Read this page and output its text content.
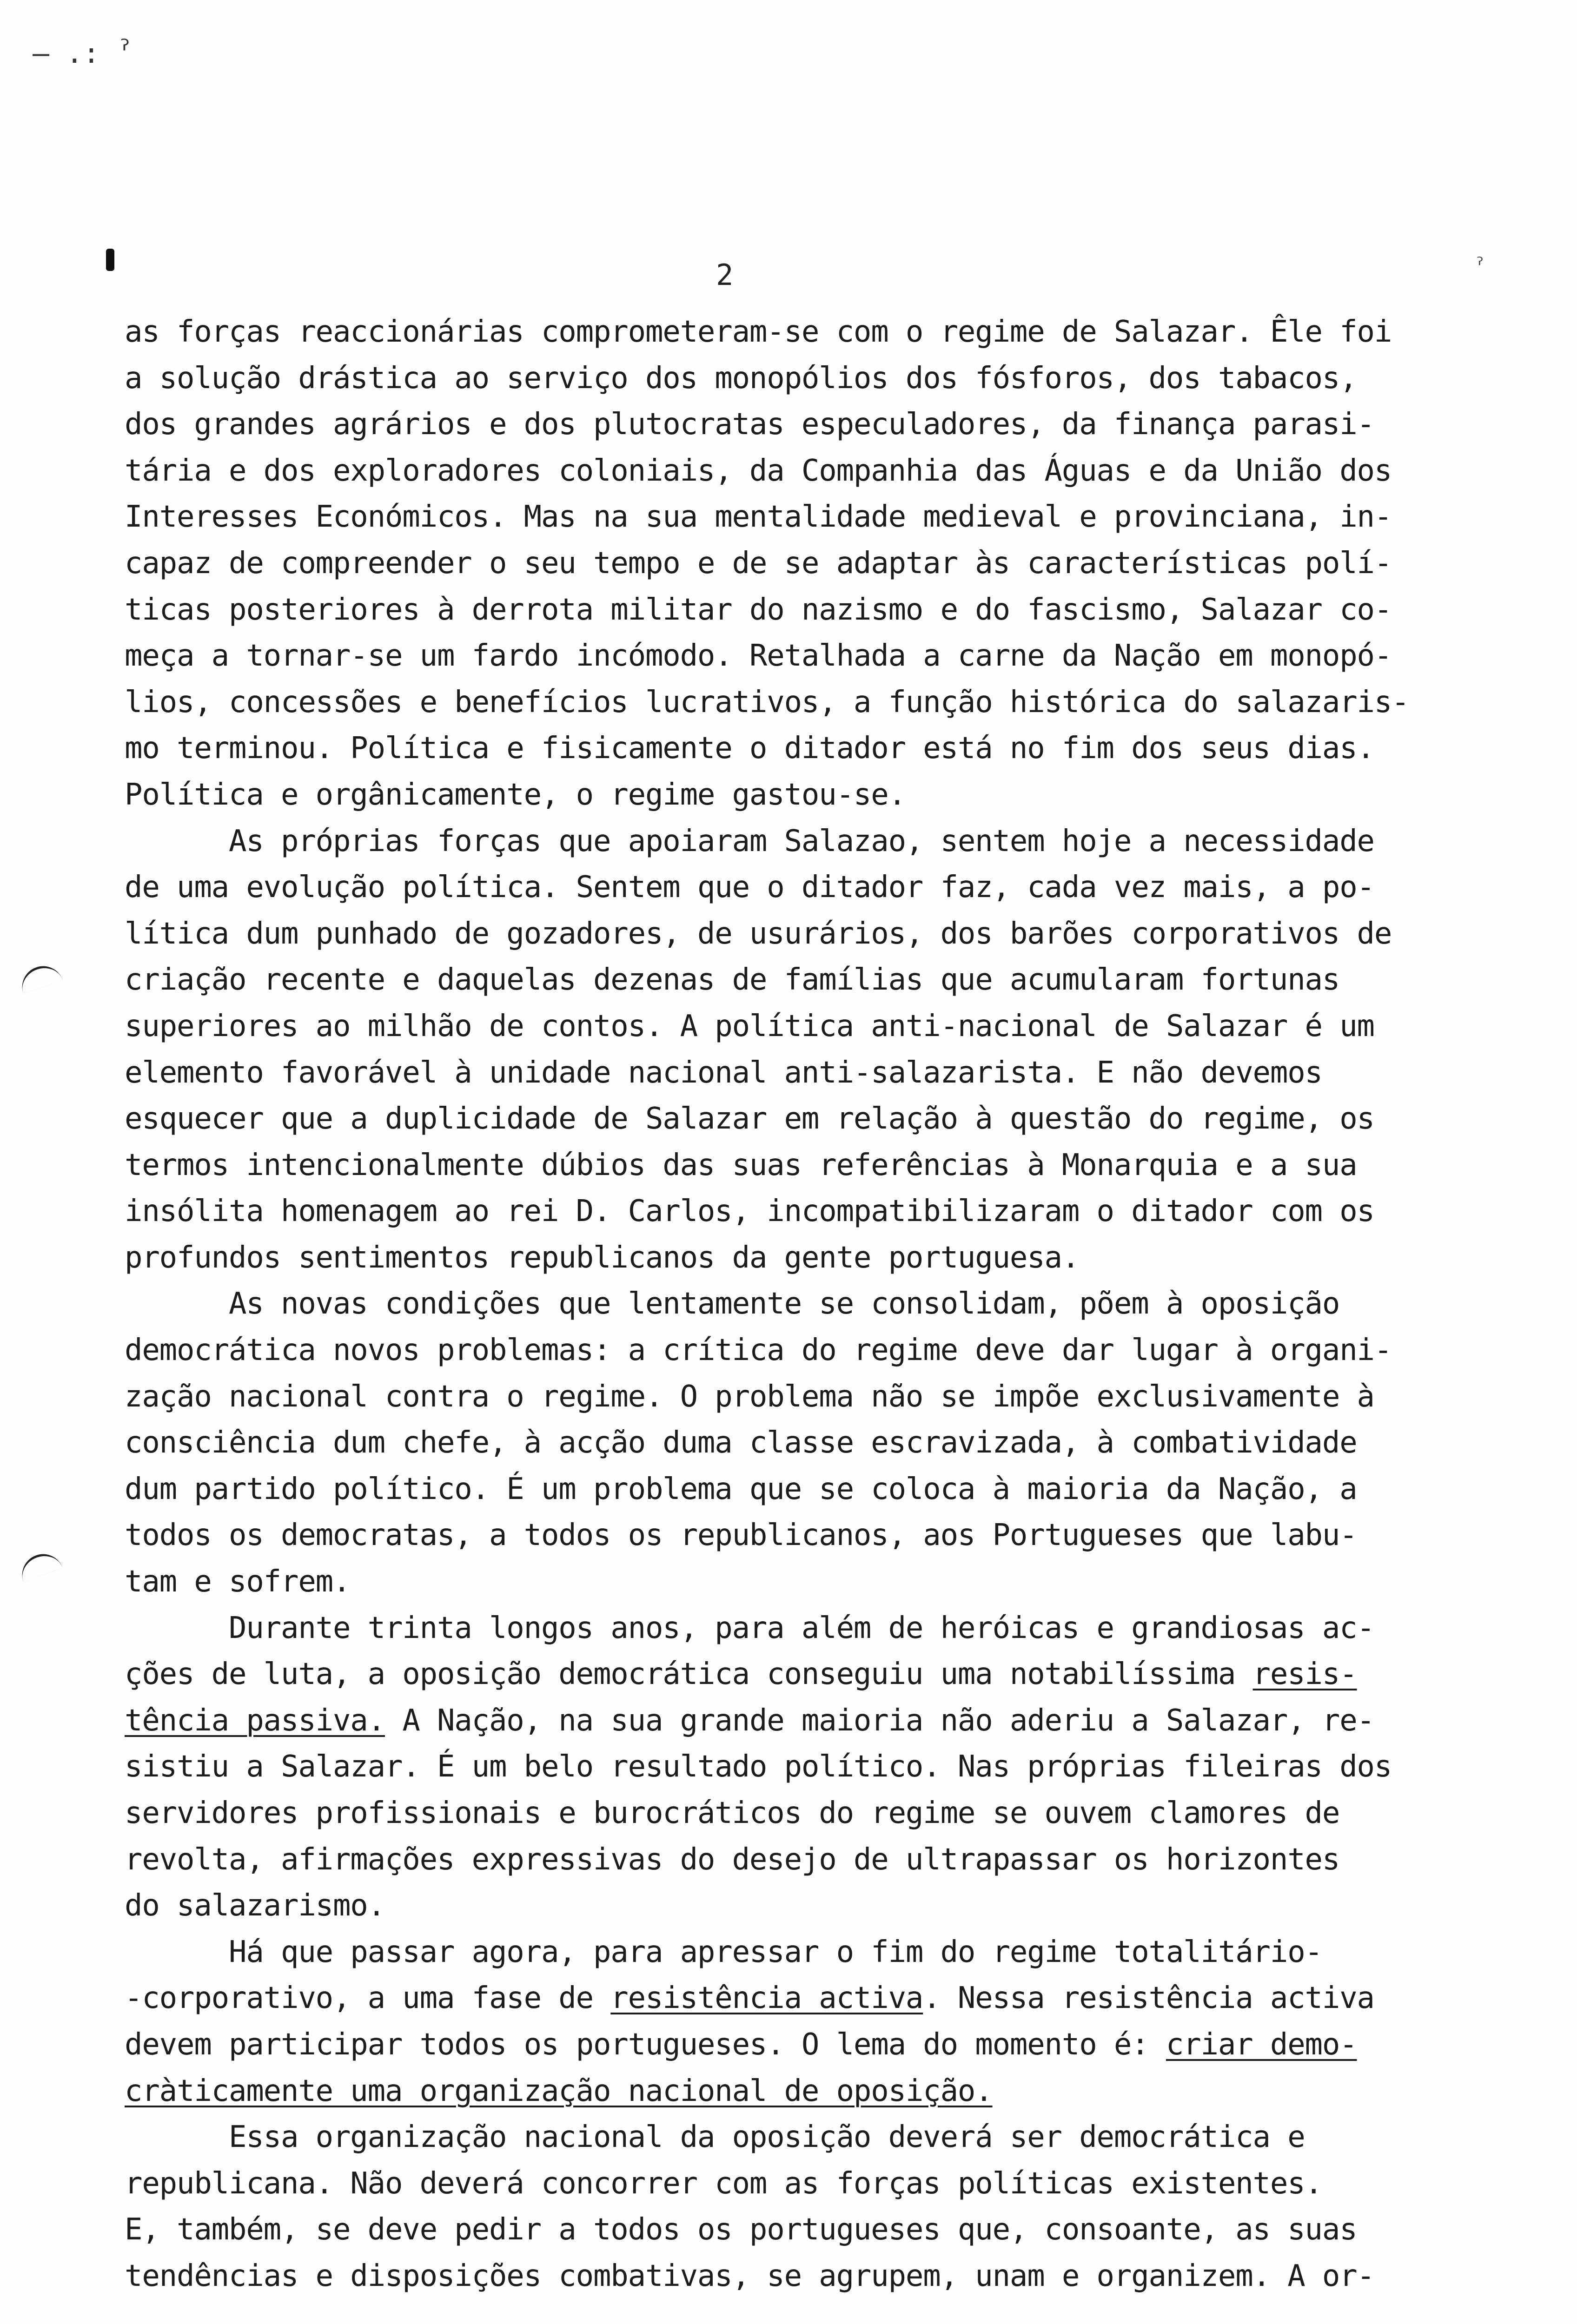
– .: ˀ
2	ˀ
as forças reaccionárias comprometeram-se com o regime de Salazar. Êle foi
a solução drástica ao serviço dos monopólios dos fósforos, dos tabacos,
dos grandes agrários e dos plutocratas especuladores, da finança parasi-
tária e dos exploradores coloniais, da Companhia das Águas e da União dos
Interesses Económicos. Mas na sua mentalidade medieval e provinciana, in-
capaz de compreender o seu tempo e de se adaptar às características polí-
ticas posteriores à derrota militar do nazismo e do fascismo, Salazar co-
meça a tornar-se um fardo incómodo. Retalhada a carne da Nação em monopó-
lios, concessões e benefícios lucrativos, a função histórica do salazaris-
mo terminou. Política e fisicamente o ditador está no fim dos seus dias.
Política e orgânicamente, o regime gastou-se.
As próprias forças que apoiaram Salazao, sentem hoje a necessidade
de uma evolução política. Sentem que o ditador faz, cada vez mais, a po-
lítica dum punhado de gozadores, de usurários, dos barões corporativos de
criação recente e daquelas dezenas de famílias que acumularam fortunas
superiores ao milhão de contos. A política anti-nacional de Salazar é um
elemento favorável à unidade nacional anti-salazarista. E não devemos
esquecer que a duplicidade de Salazar em relação à questão do regime, os
termos intencionalmente dúbios das suas referências à Monarquia e a sua
insólita homenagem ao rei D. Carlos, incompatibilizaram o ditador com os
profundos sentimentos republicanos da gente portuguesa.
As novas condições que lentamente se consolidam, põem à oposição
democrática novos problemas: a crítica do regime deve dar lugar à organi-
zação nacional contra o regime. O problema não se impõe exclusivamente à
consciência dum chefe, à acção duma classe escravizada, à combatividade
dum partido político. É um problema que se coloca à maioria da Nação, a
todos os democratas, a todos os republicanos, aos Portugueses que labu-
tam e sofrem.
Durante trinta longos anos, para além de heróicas e grandiosas ac-
ções de luta, a oposição democrática conseguiu uma notabilíssima resis-
tência passiva. A Nação, na sua grande maioria não aderiu a Salazar, re-
sistiu a Salazar. É um belo resultado político. Nas próprias fileiras dos
servidores profissionais e burocráticos do regime se ouvem clamores de
revolta, afirmações expressivas do desejo de ultrapassar os horizontes
do salazarismo.
Há que passar agora, para apressar o fim do regime totalitário-
-corporativo, a uma fase de resistência activa. Nessa resistência activa
devem participar todos os portugueses. O lema do momento é: criar demo-
cràticamente uma organização nacional de oposição.
Essa organização nacional da oposição deverá ser democrática e
republicana. Não deverá concorrer com as forças políticas existentes.
E, também, se deve pedir a todos os portugueses que, consoante, as suas
tendências e disposições combativas, se agrupem, unam e organizem. A or-
